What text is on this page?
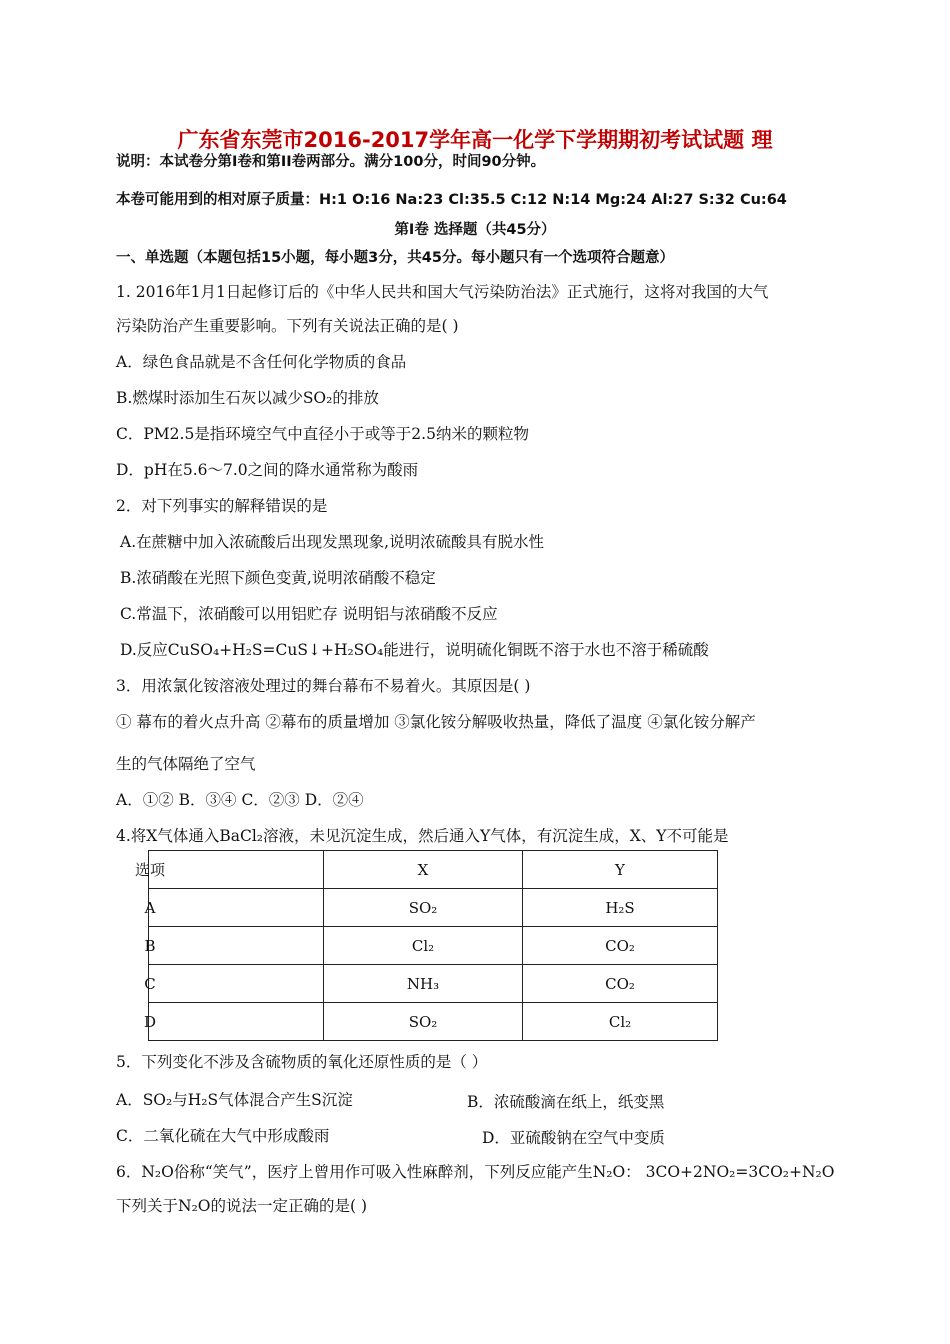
广东省东莞市2016-2017学年高一化学下学期期初考试试题 理
说明：本试卷分第Ⅰ卷和第II卷两部分。满分100分，时间90分钟。
本卷可能用到的相对原子质量：H:1 O:16 Na:23 Cl:35.5 C:12 N:14 Mg:24 Al:27 S:32 Cu:64
第Ⅰ卷 选择题（共45分）
一、单选题（本题包括15小题，每小题3分，共45分。每小题只有一个选项符合题意）
1. 2016年1月1日起修订后的《中华人民共和国大气污染防治法》正式施行，这将对我国的大气
污染防治产生重要影响。下列有关说法正确的是( )
A．绿色食品就是不含任何化学物质的食品
B.燃煤时添加生石灰以减少SO₂的排放
C．PM2.5是指环境空气中直径小于或等于2.5纳米的颗粒物
D．pH在5.6～7.0之间的降水通常称为酸雨
2．对下列事实的解释错误的是
A.在蔗糖中加入浓硫酸后出现发黑现象,说明浓硫酸具有脱水性
B.浓硝酸在光照下颜色变黄,说明浓硝酸不稳定
C.常温下，浓硝酸可以用铝贮存 说明铝与浓硝酸不反应
D.反应CuSO₄+H₂S=CuS↓+H₂SO₄能进行，说明硫化铜既不溶于水也不溶于稀硫酸
3．用浓氯化铵溶液处理过的舞台幕布不易着火。其原因是( )
① 幕布的着火点升高 ②幕布的质量增加 ③氯化铵分解吸收热量，降低了温度 ④氯化铵分解产
生的气体隔绝了空气
A．①② B．③④ C．②③ D．②④
4.将X气体通入BaCl₂溶液，未见沉淀生成，然后通入Y气体，有沉淀生成，X、Y不可能是
选项	X	Y
A	SO₂	H₂S
B	Cl₂	CO₂
C	NH₃	CO₂
D	SO₂	Cl₂
5．下列变化不涉及含硫物质的氧化还原性质的是（ ）
A．SO₂与H₂S气体混合产生S沉淀	B．浓硫酸滴在纸上，纸变黑
C．二氧化硫在大气中形成酸雨	D．亚硫酸钠在空气中变质
6．N₂O俗称“笑气”，医疗上曾用作可吸入性麻醉剂，下列反应能产生N₂O： 3CO+2NO₂=3CO₂+N₂O
下列关于N₂O的说法一定正确的是( )
